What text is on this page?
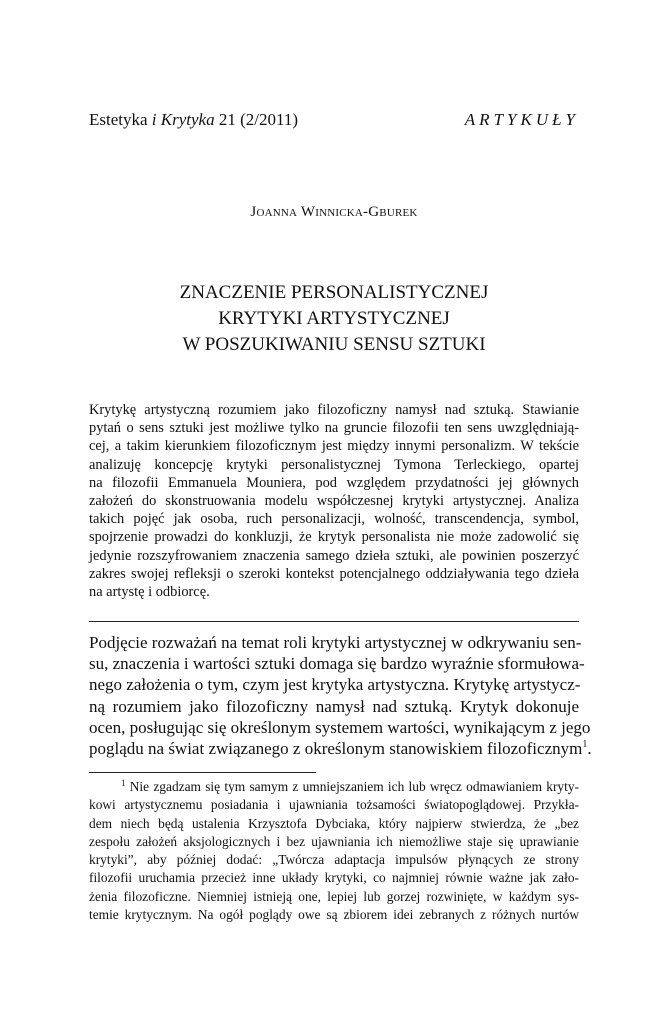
Estetyka i Krytyka 21 (2/2011)	ARTYKUŁY
Joanna Winnicka-Gburek
ZNACZENIE PERSONALISTYCZNEJ
KRYTYKI ARTYSTYCZNEJ
W POSZUKIWANIU SENSU SZTUKI
Krytykę artystyczną rozumiem jako filozoficzny namysł nad sztuką. Stawianie
pytań o sens sztuki jest możliwe tylko na gruncie filozofii ten sens uwzględniają-
cej, a takim kierunkiem filozoficznym jest między innymi personalizm. W tekście
analizuję koncepcję krytyki personalistycznej Tymona Terleckiego, opartej
na filozofii Emmanuela Mouniera, pod względem przydatności jej głównych
założeń do skonstruowania modelu współczesnej krytyki artystycznej. Analiza
takich pojęć jak osoba, ruch personalizacji, wolność, transcendencja, symbol,
spojrzenie prowadzi do konkluzji, że krytyk personalista nie może zadowolić się
jedynie rozszyfrowaniem znaczenia samego dzieła sztuki, ale powinien poszerzyć
zakres swojej refleksji o szeroki kontekst potencjalnego oddziaływania tego dzieła
na artystę i odbiorcę.
Podjęcie rozważań na temat roli krytyki artystycznej w odkrywaniu sen-
su, znaczenia i wartości sztuki domaga się bardzo wyraźnie sformułowa-
nego założenia o tym, czym jest krytyka artystyczna. Krytykę artystycz-
ną rozumiem jako filozoficzny namysł nad sztuką. Krytyk dokonuje
ocen, posługując się określonym systemem wartości, wynikającym z jego
poglądu na świat związanego z określonym stanowiskiem filozoficznym$^1$.
$^1$ Nie zgadzam się tym samym z umniejszaniem ich lub wręcz odmawianiem kryty-
kowi artystycznemu posiadania i ujawniania tożsamości światopoglądowej. Przykła-
dem niech będą ustalenia Krzysztofa Dybciaka, który najpierw stwierdza, że „bez
zespołu założeń aksjologicznych i bez ujawniania ich niemożliwe staje się uprawianie
krytyki”, aby później dodać: „Twórcza adaptacja impulsów płynących ze strony
filozofii uruchamia przecież inne układy krytyki, co najmniej równie ważne jak zało-
żenia filozoficzne. Niemniej istnieją one, lepiej lub gorzej rozwinięte, w każdym sys-
temie krytycznym. Na ogół poglądy owe są zbiorem idei zebranych z różnych nurtów
